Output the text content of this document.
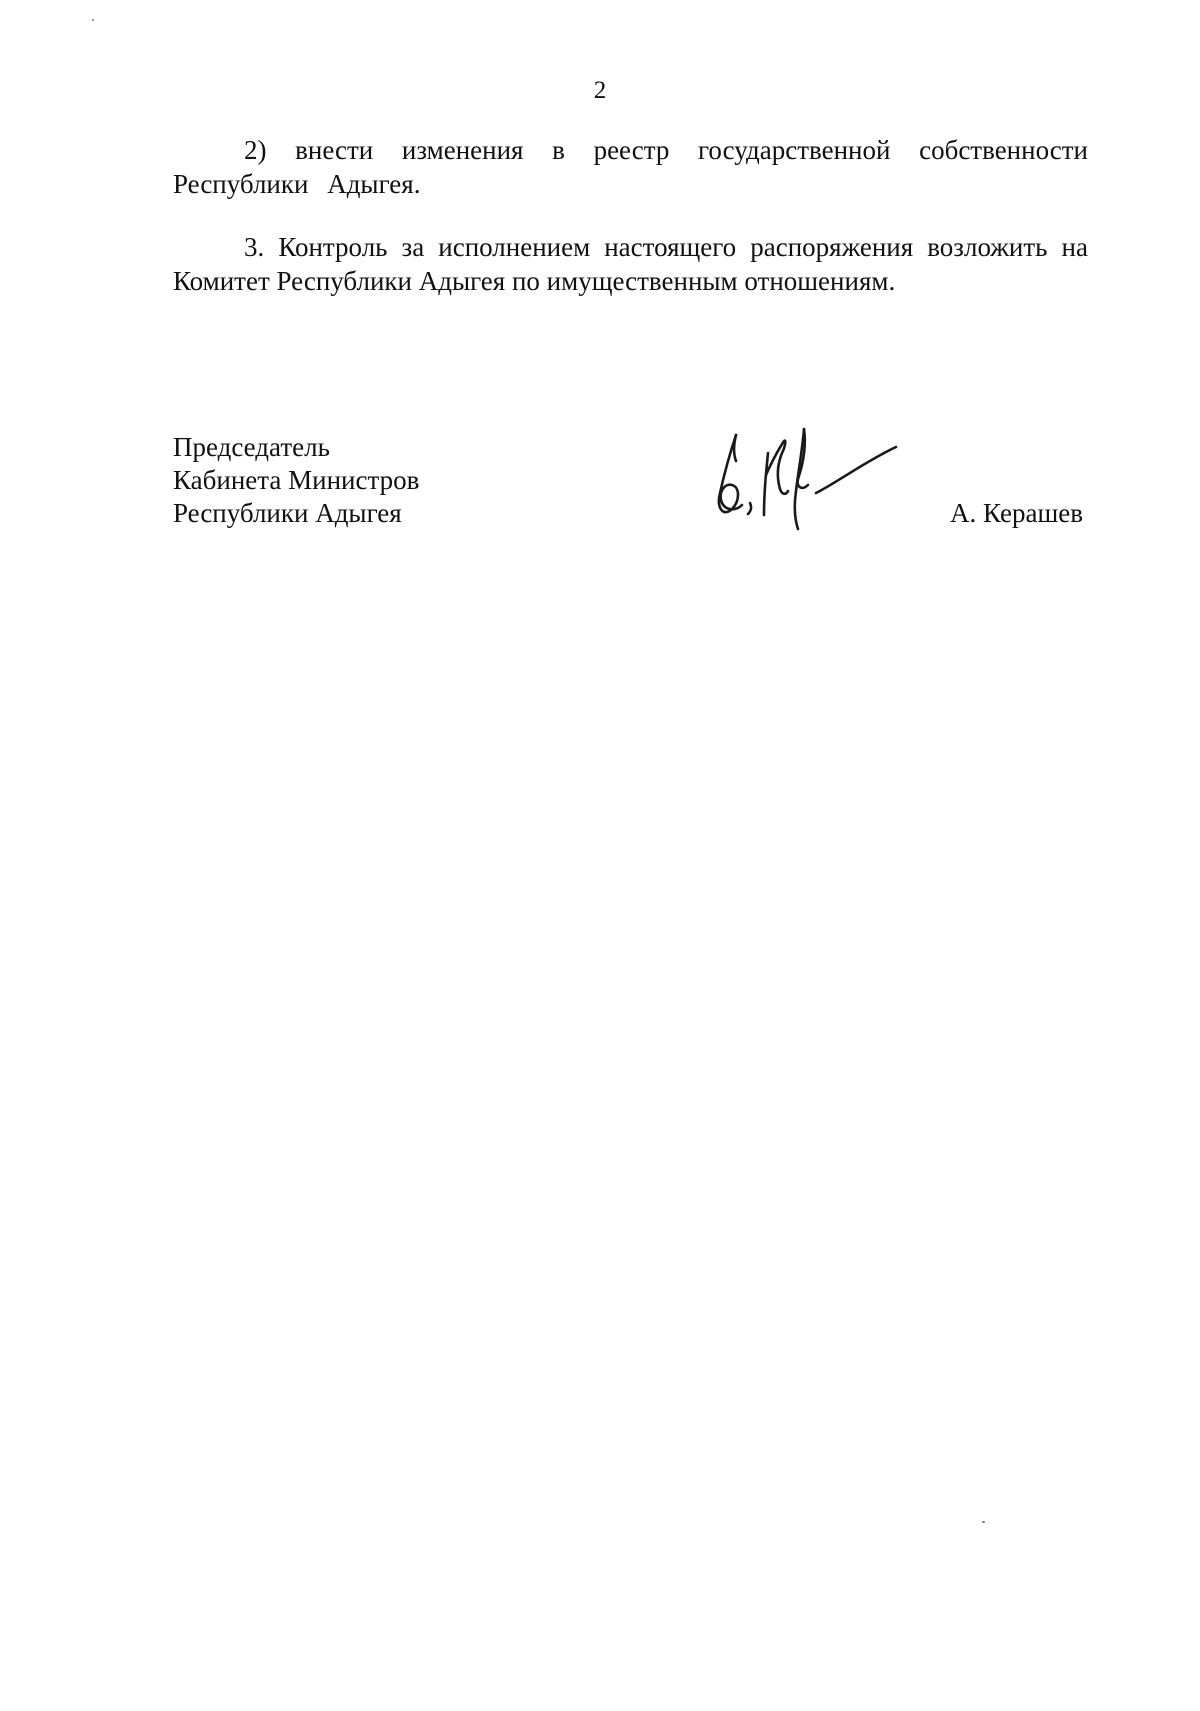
2

2) внести изменения в реестр государственной собственности
Республики Адыгея.

3. Контроль за исполнением настоящего распоряжения возложить на
Комитет Республики Адыгея по имущественным отношениям.

Председатель
Кабинета Министров
Республики Адыгея	А. Керашев
